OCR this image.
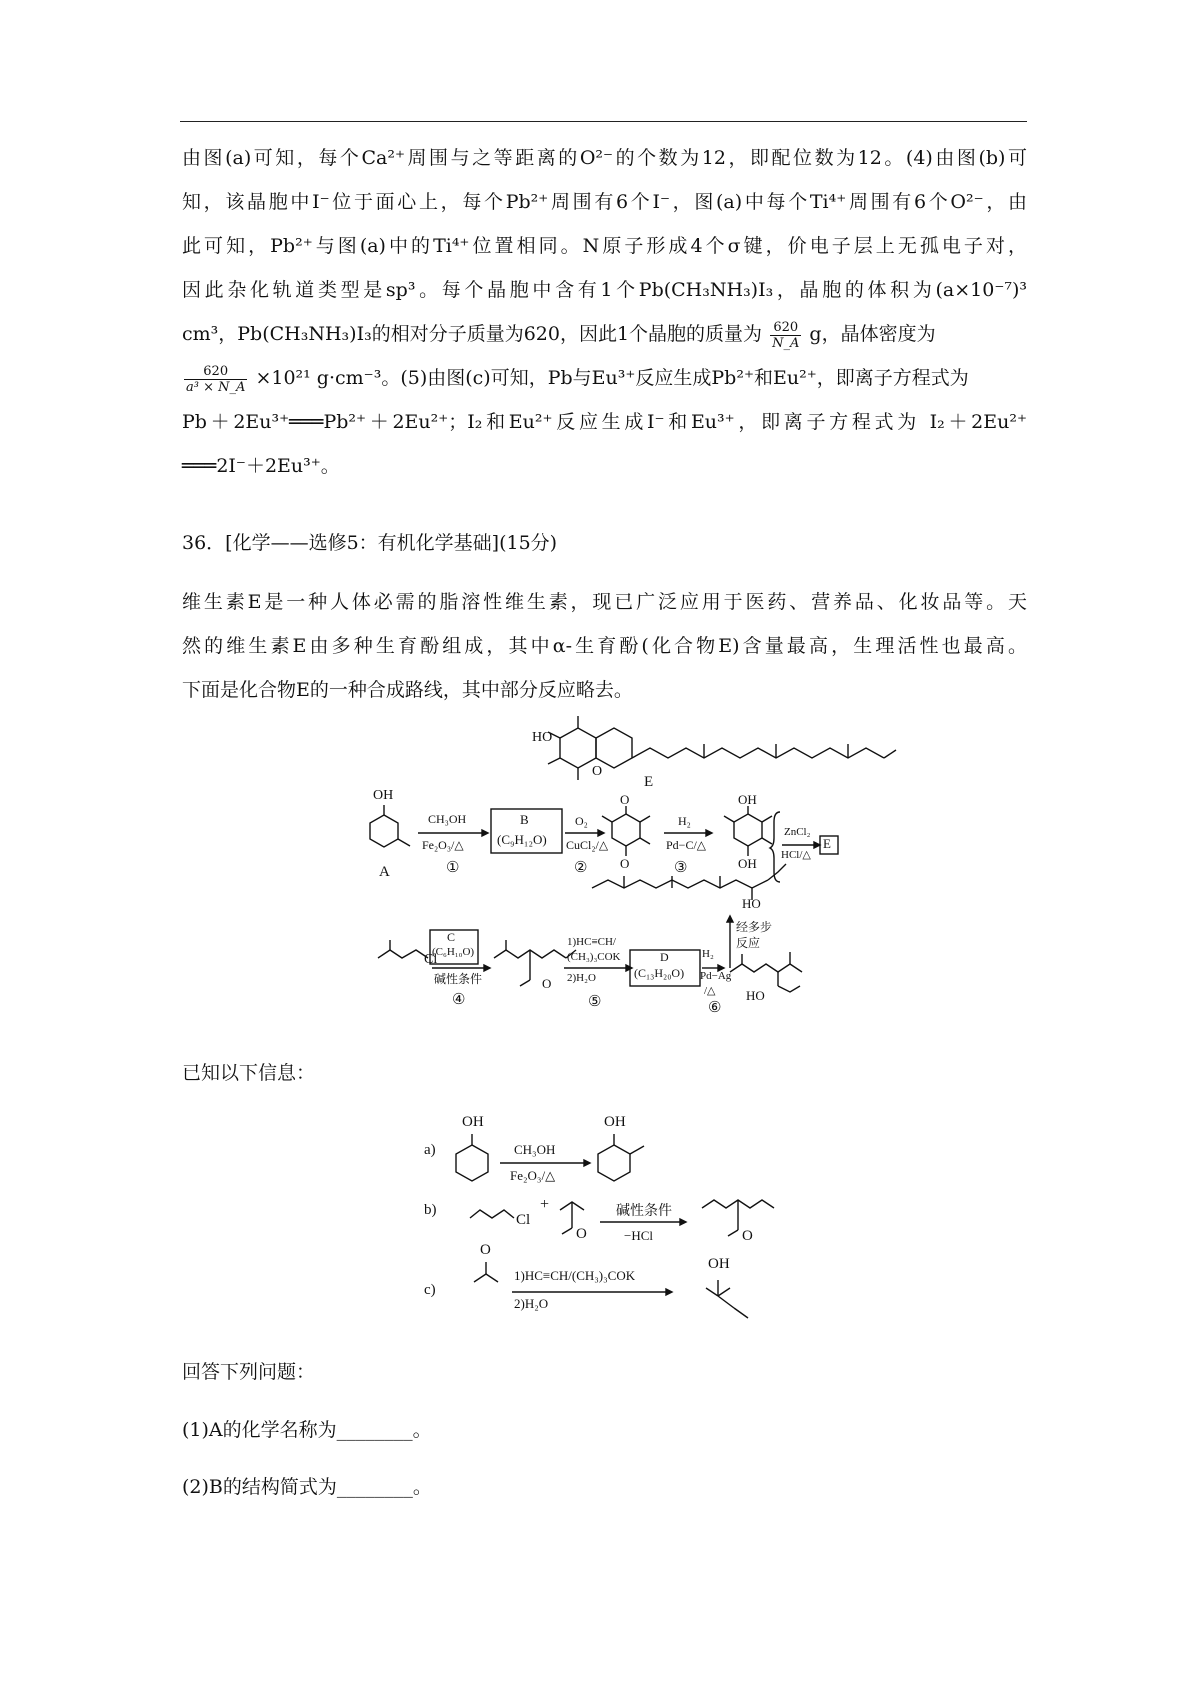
由图(a)可知，每个Ca²⁺周围与之等距离的O²⁻的个数为12，即配位数为12。(4)由图(b)可
知，该晶胞中I⁻位于面心上，每个Pb²⁺周围有6个I⁻，图(a)中每个Ti⁴⁺周围有6个O²⁻，由
此可知，Pb²⁺与图(a)中的Ti⁴⁺位置相同。N原子形成4个σ键，价电子层上无孤电子对，
因此杂化轨道类型是sp³。每个晶胞中含有1个Pb(CH₃NH₃)I₃，晶胞的体积为(a×10⁻⁷)³
cm³，Pb(CH₃NH₃)I₃的相对分子质量为620，因此1个晶胞的质量为 $\frac{620}{N\_A}$ g，晶体密度为
$\frac{620}{\text{a³ × N\_A}} \times 10^{21}$ g·cm⁻³。(5)由图(c)可知，Pb与Eu³⁺反应生成Pb²⁺和Eu²⁺，即离子方程式为
Pb＋2Eu³⁺═══Pb²⁺＋2Eu²⁺；I₂和Eu²⁺反应生成I⁻和Eu³⁺，即离子方程式为 I₂＋2Eu²⁺
═══2I⁻＋2Eu³⁺。
36．[化学——选修5：有机化学基础](15分)
维生素E是一种人体必需的脂溶性维生素，现已广泛应用于医药、营养品、化妆品等。天
然的维生素E由多种生育酚组成，其中α-生育酚(化合物E)含量最高，生理活性也最高。
下面是化合物E的一种合成路线，其中部分反应略去。
HO
O
E
OH
A
CH₃OH
Fe₂O₃/△
①
B
(C₉H₁₂O)
O₂
CuCl₂/△
②
O
O
H₂
Pd−C/△
③
OH
OH
ZnCl₂
HCl/△
E
HO
经多步
反应
Cl
C
(C₆H₁₀O)
碱性条件
④
O
1)HC≡CH/
(CH₃)₃COK
2)H₂O
⑤
D
(C₁₃H₂₀O)
H₂
Pd−Ag
/△
⑥
HO
已知以下信息：
a)
OH
CH₃OH
Fe₂O₃/△
OH
b)
Cl
+
O
碱性条件
−HCl	O
c)
O
1)HC≡CH/(CH₃)₃COK
2)H₂O
OH
回答下列问题：
(1)A的化学名称为________。
(2)B的结构简式为________。
